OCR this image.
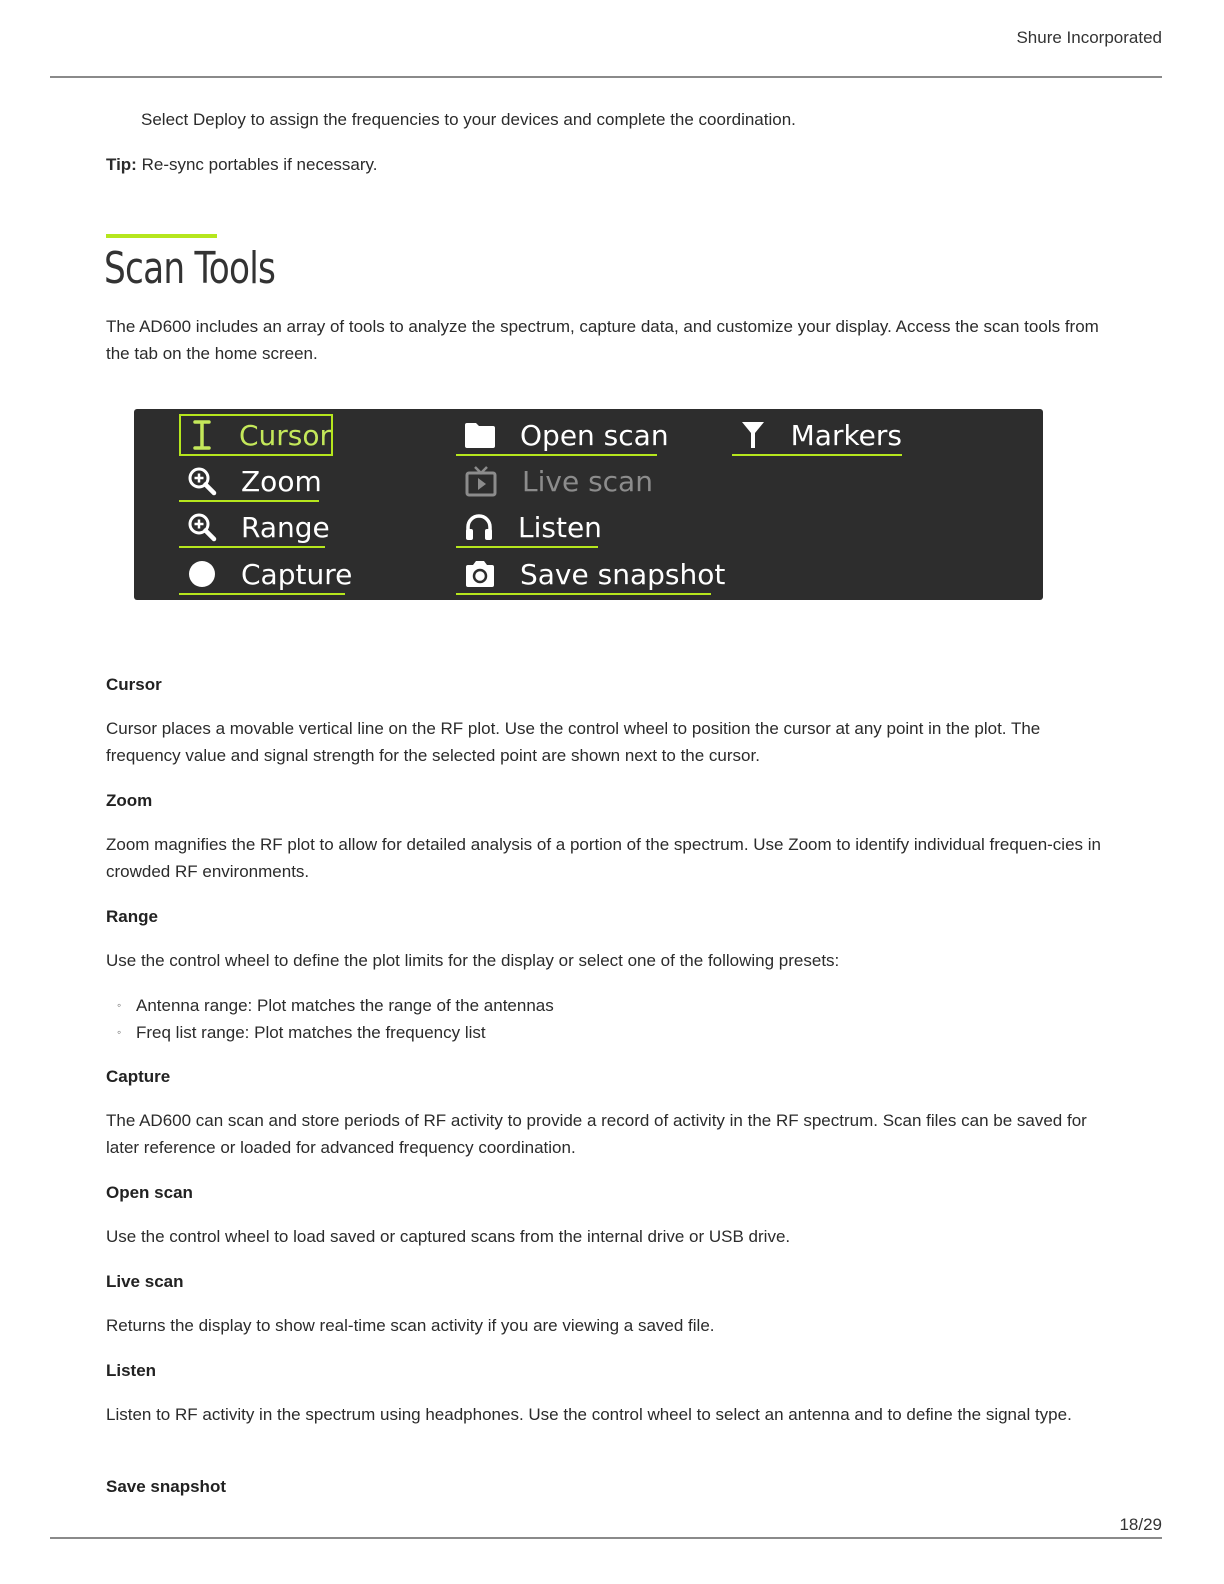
Shure Incorporated

Select Deploy to assign the frequencies to your devices and complete the coordination.

Tip: Re-sync portables if necessary.

Scan Tools

The AD600 includes an array of tools to analyze the spectrum, capture data, and customize your display. Access the scan tools from the tab on the home screen.

Cursor
Zoom
Range
Capture
Open scan
Live scan
Listen
Save snapshot
Markers

Cursor

Cursor places a movable vertical line on the RF plot. Use the control wheel to position the cursor at any point in the plot. The frequency value and signal strength for the selected point are shown next to the cursor.

Zoom

Zoom magnifies the RF plot to allow for detailed analysis of a portion of the spectrum. Use Zoom to identify individual frequen-cies in crowded RF environments.

Range

Use the control wheel to define the plot limits for the display or select one of the following presets:

◦ Antenna range: Plot matches the range of the antennas
◦ Freq list range: Plot matches the frequency list

Capture

The AD600 can scan and store periods of RF activity to provide a record of activity in the RF spectrum. Scan files can be saved for later reference or loaded for advanced frequency coordination.

Open scan

Use the control wheel to load saved or captured scans from the internal drive or USB drive.

Live scan

Returns the display to show real-time scan activity if you are viewing a saved file.

Listen

Listen to RF activity in the spectrum using headphones. Use the control wheel to select an antenna and to define the signal type.

Save snapshot

18/29
